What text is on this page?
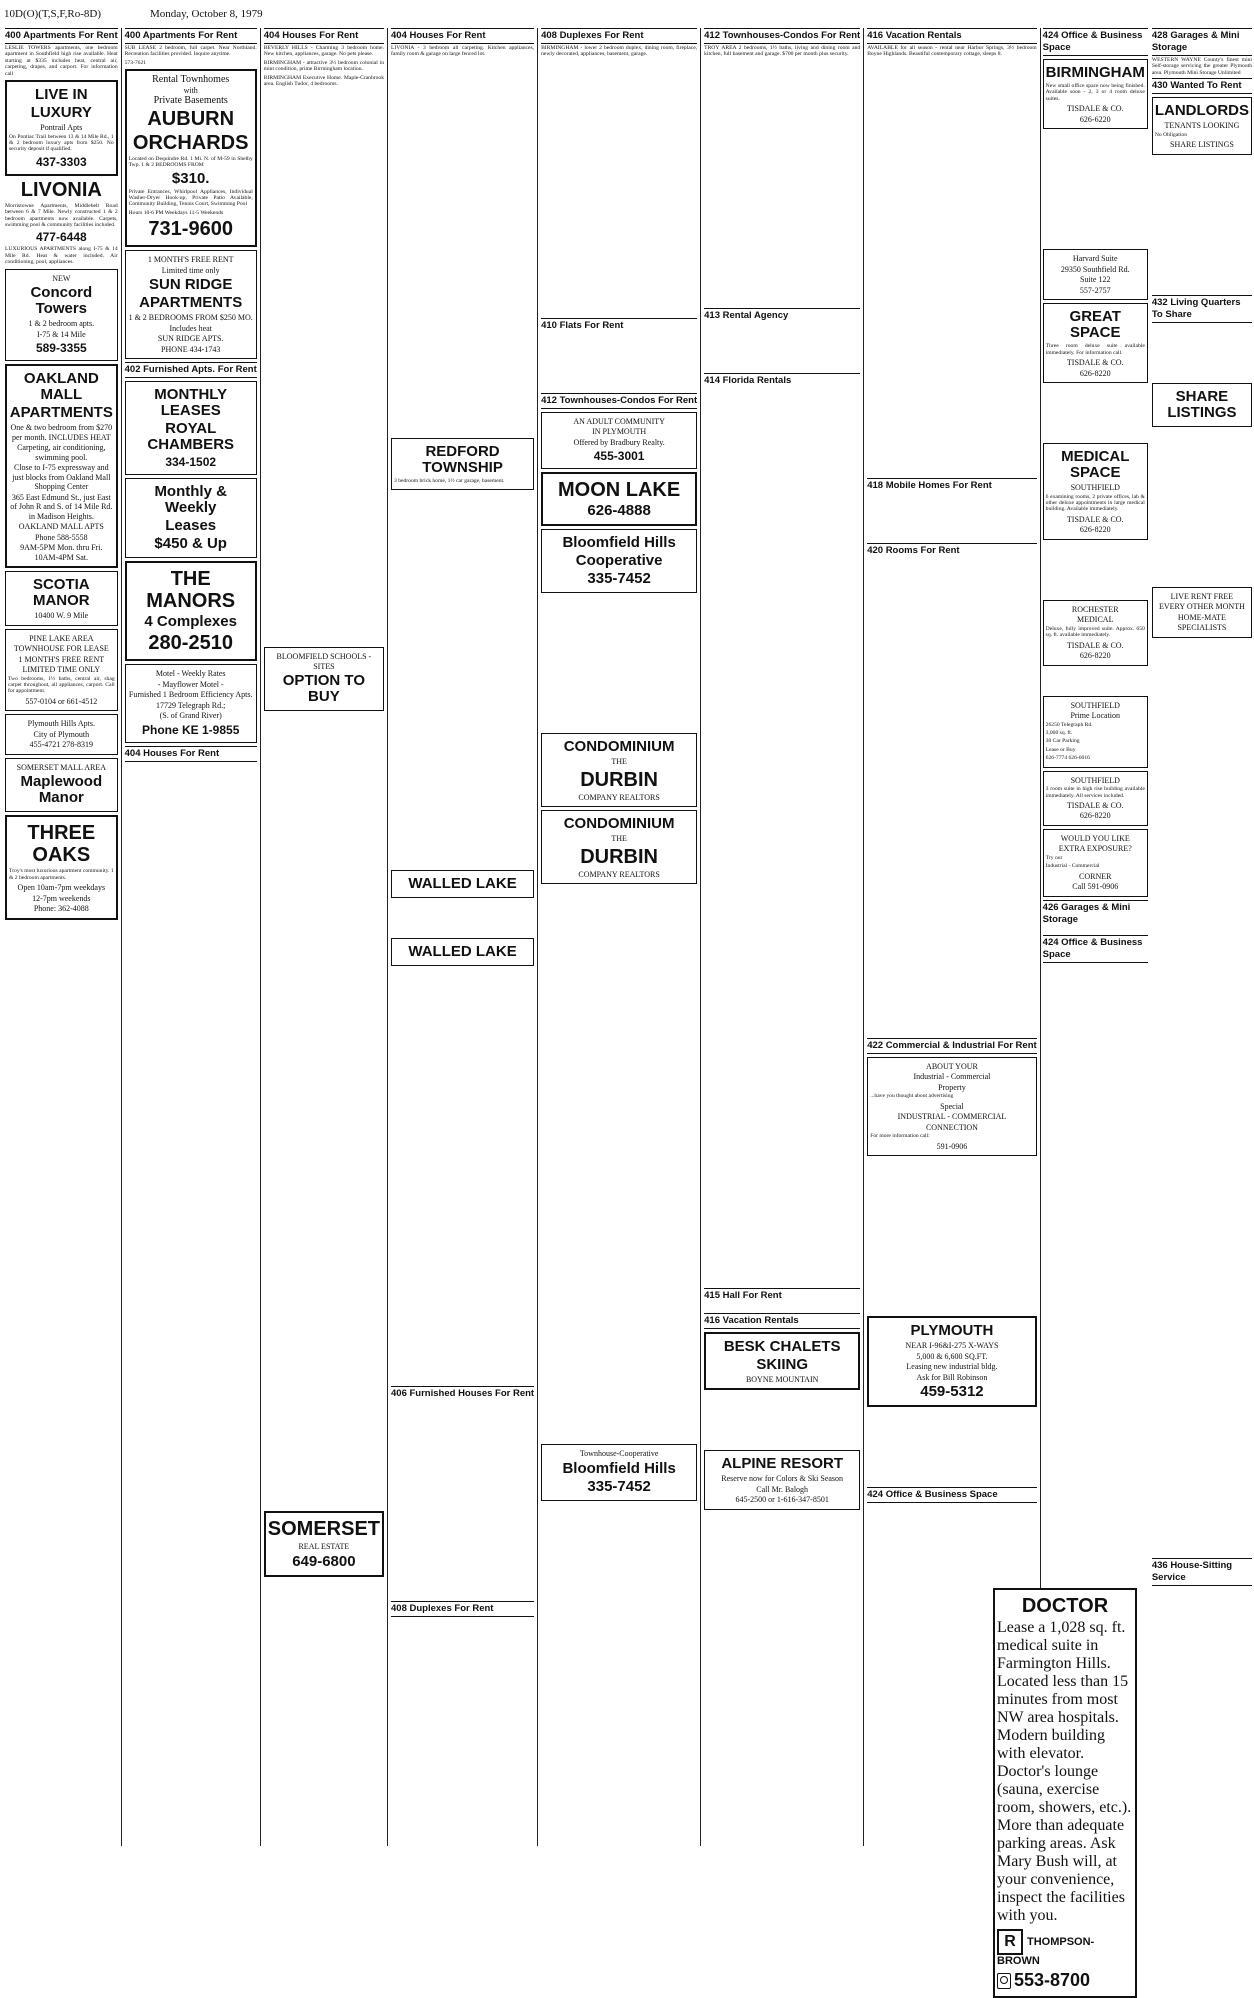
10D(O)(T,S,F,Ro-8D)	Monday, October 8, 1979
400 Apartments For Rent
LESLIE TOWERS apartments, one bedroom apartment in Southfield high rise available. Heat starting at $335 includes heat, central air, carpeting, drapes, and carport. For information call
LIVE IN
LUXURY
Pontrail Apts
On Pontiac Trail between 13 & 14 Mile Rd., 1 & 2 bedroom luxury apts from $250. No security deposit if qualified.
437-3303
LIVONIA
Morristowne Apartments, Middlebelt Road between 6 & 7 Mile. Newly constructed 1 & 2 bedroom apartments now available. Carpets, swimming pool & community facilities included.
477-6448
LUXURIOUS APARTMENTS along I-75 & 14 Mile Rd. Heat & water included. Air conditioning, pool, appliances.
NEW
Concord Towers
1 & 2 bedroom apts.
I-75 & 14 Mile
589-3355
OAKLAND MALL
APARTMENTS
One & two bedroom from $270 per month. INCLUDES HEAT
Carpeting, air conditioning, swimming pool.
Close to I-75 expressway and just blocks from Oakland Mall Shopping Center
365 East Edmund St., just East of John R and S. of 14 Mile Rd. in Madison Heights.
OAKLAND MALL APTS
Phone 588-5558
9AM-5PM Mon. thru Fri. 10AM-4PM Sat.
SCOTIA MANOR
10400 W. 9 Mile
PINE LAKE AREA
TOWNHOUSE FOR LEASE
1 MONTH'S FREE RENT
LIMITED TIME ONLY
Two bedrooms, 1½ baths, central air, shag carpet throughout, all appliances, carport. Call for appointment.
557-0104 or 661-4512
Plymouth Hills Apts.
City of Plymouth
455-4721 278-8319
SOMERSET MALL AREA
Maplewood Manor
THREE OAKS
Troy's most luxurious apartment community. 1 & 2 bedroom apartments.
Open 10am-7pm weekdays
12-7pm weekends
Phone: 362-4088
400 Apartments For Rent
SUB LEASE 2 bedroom, full carpet. Near Northland. Recreation facilities provided. Inquire anytime.
573-7621
Rental Townhomes
with
Private Basements
AUBURN
ORCHARDS
Located on Dequindre Rd. 1 Mi. N. of M-59 in Shelby Twp. 1 & 2 BEDROOMS FROM
$310.
Private Entrances, Whirlpool Appliances, Individual Washer-Dryer Hook-up, Private Patio Available, Community Building, Tennis Court, Swimming Pool
Hours 10-6 PM Weekdays 11-5 Weekends
731-9600
1 MONTH'S FREE RENT
Limited time only
SUN RIDGE
APARTMENTS
1 & 2 BEDROOMS FROM $250 MO.
Includes heat
SUN RIDGE APTS.
PHONE 434-1743
402 Furnished Apts. For Rent
MONTHLY LEASES
ROYAL CHAMBERS
334-1502
Monthly & Weekly
Leases
$450 & Up
THE MANORS
4 Complexes
280-2510
Motel - Weekly Rates
- Mayflower Motel -
Furnished 1 Bedroom Efficiency Apts.
17729 Telegraph Rd.;
(S. of Grand River)
Phone KE 1-9855
404 Houses For Rent
404 Houses For Rent
BEVERLY HILLS - Charming 3 bedroom home. New kitchen, appliances, garage. No pets please.
BIRMINGHAM - attractive 3½ bedroom colonial in mint condition, prime Birmingham location.
BIRMINGHAM Executive Home. Maple-Cranbrook area. English Tudor, 4 bedrooms.
BLOOMFIELD SCHOOLS - SITES
OPTION TO BUY
SOMERSET
REAL ESTATE
649-6800
404 Houses For Rent
LIVONIA - 3 bedroom all carpeting. Kitchen appliances, family room & garage on large fenced lot.
REDFORD TOWNSHIP
3 bedroom brick home, 1½ car garage, basement.
WALLED LAKE
WALLED LAKE
406 Furnished Houses For Rent
408 Duplexes For Rent
408 Duplexes For Rent
BIRMINGHAM - lower 2 bedroom duplex, dining room, fireplace, newly decorated, appliances, basement, garage.
410 Flats For Rent
412 Townhouses-Condos For Rent
AN ADULT COMMUNITY
IN PLYMOUTH
Offered by Bradbury Realty.
455-3001
MOON LAKE
626-4888
Bloomfield Hills
Cooperative
335-7452
CONDOMINIUM
THE
DURBIN
COMPANY REALTORS
CONDOMINIUM
THE
DURBIN
COMPANY REALTORS
Townhouse-Cooperative
Bloomfield Hills
335-7452
412 Townhouses-Condos For Rent
TROY AREA 2 bedrooms, 1½ baths, living and dining room and kitchen, full basement and garage. $700 per month plus security.
413 Rental Agency
414 Florida Rentals
415 Hall For Rent
416 Vacation Rentals
BESK CHALETS
SKIING
BOYNE MOUNTAIN
ALPINE RESORT
Reserve now for Colors & Ski Season
Call Mr. Balogh
645-2500 or 1-616-347-8501
416 Vacation Rentals
AVAILABLE for all season - rental near Harbor Springs, 3½ bedroom Boyne Highlands. Beautiful contemporary cottage, sleeps 8.
418 Mobile Homes For Rent
420 Rooms For Rent
422 Commercial & Industrial For Rent
ABOUT YOUR
Industrial - Commercial
Property
...have you thought about advertising
Special
INDUSTRIAL - COMMERCIAL
CONNECTION
For more information call:
591-0906
PLYMOUTH
NEAR I-96&I-275 X-WAYS
5,000 & 6,600 SQ.FT.
Leasing new industrial bldg.
Ask for Bill Robinson
459-5312
424 Office & Business Space
424 Office & Business Space
BIRMINGHAM
New small office space now being finished. Available soon - 2, 3 or 4 room deluxe suites.
TISDALE & CO.
626-6220
Harvard Suite
29350 Southfield Rd.
Suite 122
557-2757
GREAT SPACE
Three room deluxe suite available immediately. For information call.
TISDALE & CO.
626-8220
MEDICAL SPACE
SOUTHFIELD
6 examining rooms, 2 private offices, lab & other deluxe appointments in large medical building. Available immediately.
TISDALE & CO.
626-8220
ROCHESTER
MEDICAL
Deluxe, fully improved suite. Approx. 650 sq. ft. available immediately.
TISDALE & CO.
626-8220
SOUTHFIELD
Prime Location
26250 Telegraph Rd.
3,000 sq. ft.
30 Car Parking
Lease or Buy
626-7774 626-6016
SOUTHFIELD
3 room suite in high rise building available immediately. All services included.
TISDALE & CO.
626-8220
WOULD YOU LIKE
EXTRA EXPOSURE?
Try our
Industrial - Commercial
CORNER
Call 591-0906
426 Garages & Mini Storage
424 Office & Business Space
428 Garages & Mini Storage
WESTERN WAYNE County's finest mini Self-storage servicing the greater Plymouth area. Plymouth Mini Storage Unlimited
430 Wanted To Rent
LANDLORDS
TENANTS LOOKING
No Obligation
SHARE LISTINGS
432 Living Quarters To Share
SHARE LISTINGS
LIVE RENT FREE
EVERY OTHER MONTH
HOME-MATE
SPECIALISTS
436 House-Sitting Service
DOCTOR
Lease a 1,028 sq. ft. medical suite in Farmington Hills. Located less than 15 minutes from most NW area hospitals. Modern building with elevator. Doctor's lounge (sauna, exercise room, showers, etc.). More than adequate parking areas. Ask Mary Bush will, at your convenience, inspect the facilities with you.
R THOMPSON-BROWN
553-8700
